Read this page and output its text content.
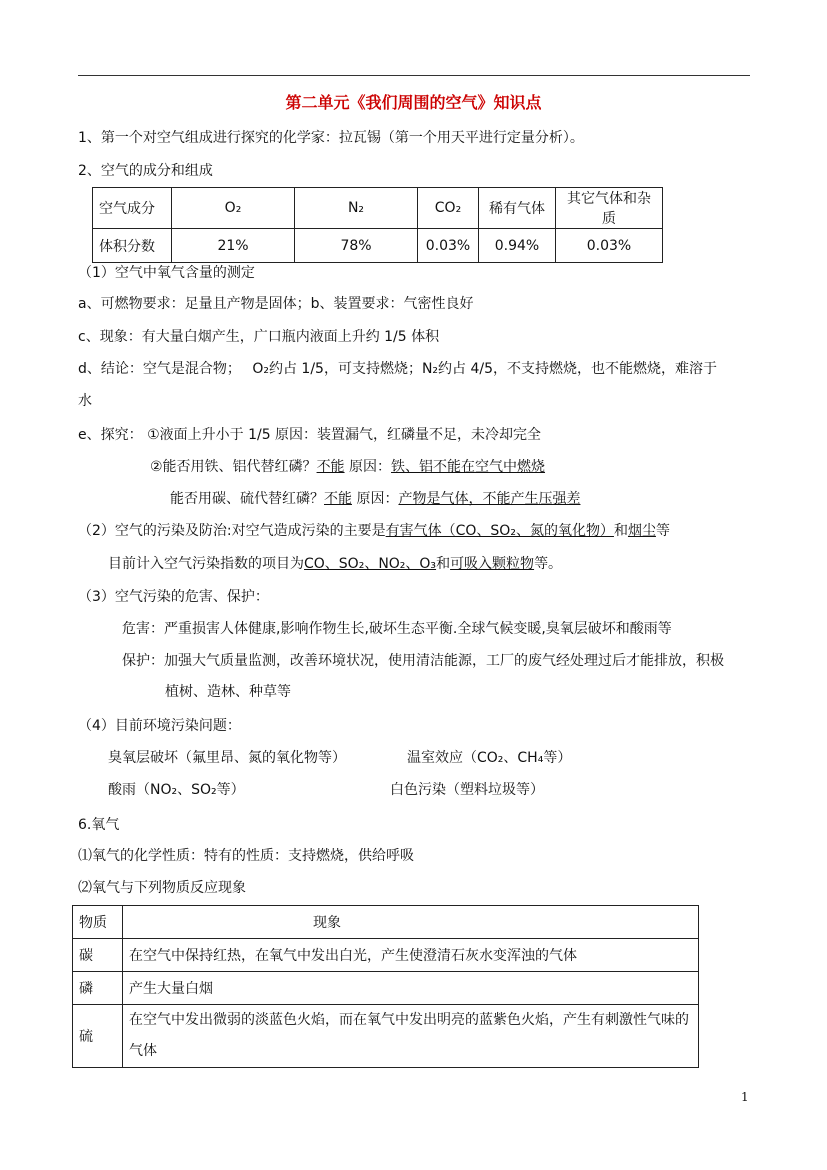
第二单元《我们周围的空气》知识点
1、第一个对空气组成进行探究的化学家：拉瓦锡（第一个用天平进行定量分析）。
2、空气的成分和组成
空气成分	O₂	N₂	CO₂	稀有气体	其它气体和杂质
体积分数	21%	78%	0.03%	0.94%	0.03%
（1）空气中氧气含量的测定
a、可燃物要求：足量且产物是固体；b、装置要求：气密性良好
c、现象：有大量白烟产生，广口瓶内液面上升约 1/5 体积
d、结论：空气是混合物；　 O₂约占 1/5，可支持燃烧；N₂约占 4/5，不支持燃烧，也不能燃烧，难溶于
水
e、探究： ①液面上升小于 1/5 原因：装置漏气，红磷量不足，未冷却完全
②能否用铁、铝代替红磷？不能 原因：铁、铝不能在空气中燃烧
能否用碳、硫代替红磷？不能 原因：产物是气体，不能产生压强差
（2）空气的污染及防治:对空气造成污染的主要是有害气体（CO、SO₂、氮的氧化物）和烟尘等
目前计入空气污染指数的项目为CO、SO₂、NO₂、O₃和可吸入颗粒物等。
（3）空气污染的危害、保护：
危害：严重损害人体健康,影响作物生长,破坏生态平衡.全球气候变暖,臭氧层破坏和酸雨等
保护：加强大气质量监测，改善环境状况，使用清洁能源，工厂的废气经处理过后才能排放，积极
植树、造林、种草等
（4）目前环境污染问题：
臭氧层破坏（氟里昂、氮的氧化物等）	温室效应（CO₂、CH₄等）
酸雨（NO₂、SO₂等）	白色污染（塑料垃圾等）
6.氧气
⑴氧气的化学性质：特有的性质：支持燃烧，供给呼吸
⑵氧气与下列物质反应现象
物质	现象
碳	在空气中保持红热，在氧气中发出白光，产生使澄清石灰水变浑浊的气体
磷	产生大量白烟
硫	在空气中发出微弱的淡蓝色火焰，而在氧气中发出明亮的蓝紫色火焰，产生有刺激性气味的气体
1
